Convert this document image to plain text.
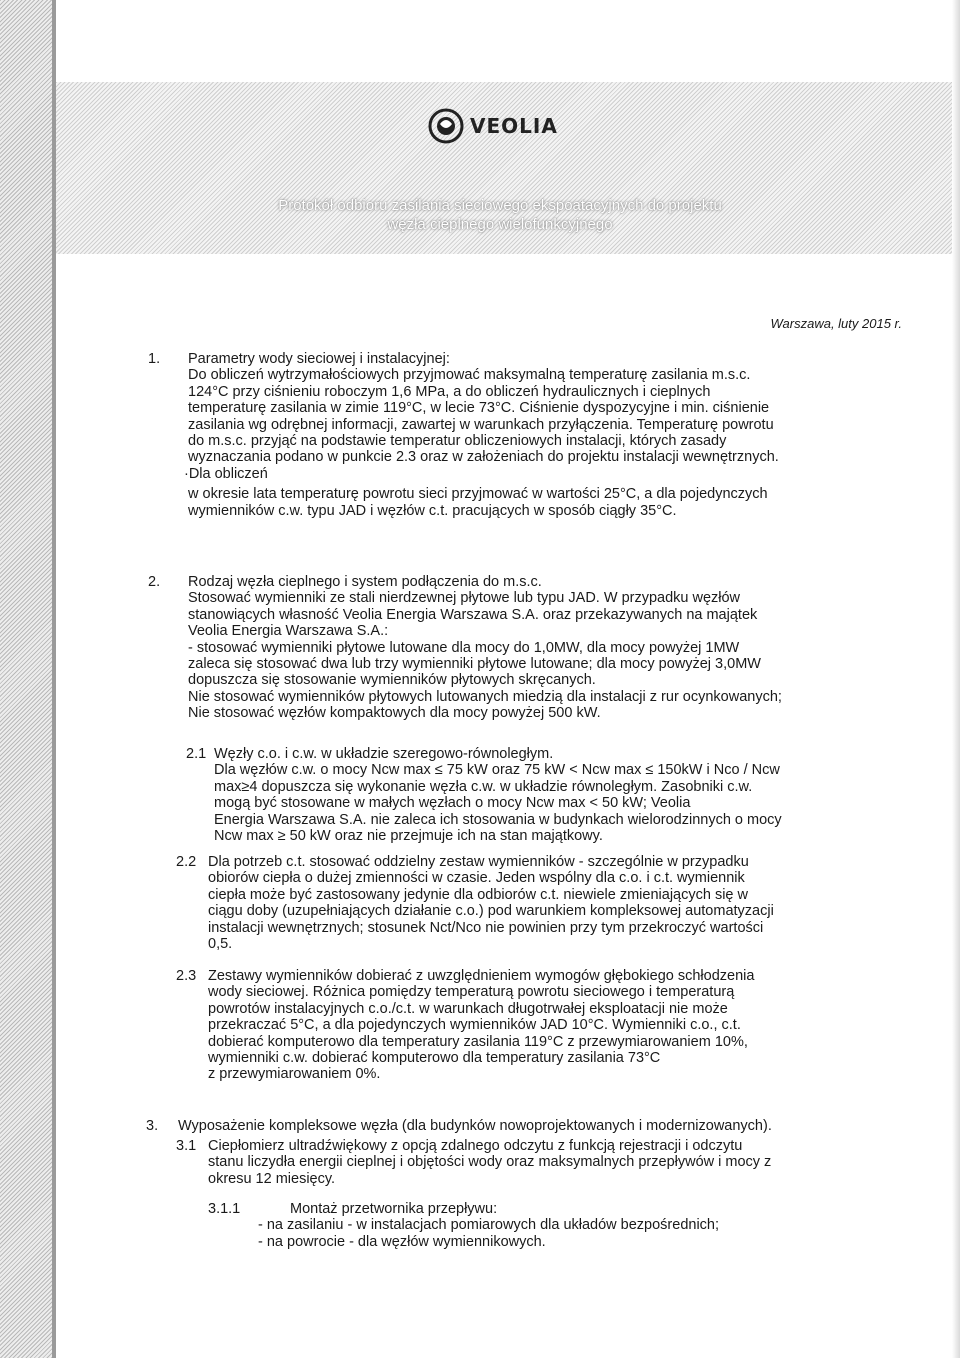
VEOLIA
Protokół odbioru zasilania sieciowego ekspoatacyjnych do projektu
węzła cieplnego wielofunkcyjnego
Warszawa, luty 2015 r.
1. Parametry wody sieciowej i instalacyjnej:
Do obliczeń wytrzymałościowych przyjmować maksymalną temperaturę zasilania m.s.c.
124°C przy ciśnieniu roboczym 1,6 MPa, a do obliczeń hydraulicznych i cieplnych
temperaturę zasilania w zimie 119°C, w lecie 73°C. Ciśnienie dyspozycyjne i min. ciśnienie
zasilania wg odrębnej informacji, zawartej w warunkach przyłączenia. Temperaturę powrotu
do m.s.c. przyjąć na podstawie temperatur obliczeniowych instalacji, których zasady
wyznaczania podano w punkcie 2.3 oraz w założeniach do projektu instalacji wewnętrznych.
·Dla obliczeń
w okresie lata temperaturę powrotu sieci przyjmować w wartości 25°C, a dla pojedynczych
wymienników c.w. typu JAD i węzłów c.t. pracujących w sposób ciągły 35°C.
2. Rodzaj węzła cieplnego i system podłączenia do m.s.c.
Stosować wymienniki ze stali nierdzewnej płytowe lub typu JAD. W przypadku węzłów
stanowiących własność Veolia Energia Warszawa S.A. oraz przekazywanych na majątek
Veolia Energia Warszawa S.A.:
- stosować wymienniki płytowe lutowane dla mocy do 1,0MW, dla mocy powyżej 1MW
zaleca się stosować dwa lub trzy wymienniki płytowe lutowane; dla mocy powyżej 3,0MW
dopuszcza się stosowanie wymienników płytowych skręcanych.
Nie stosować wymienników płytowych lutowanych miedzią dla instalacji z rur ocynkowanych;
Nie stosować węzłów kompaktowych dla mocy powyżej 500 kW.
2.1 Węzły c.o. i c.w. w układzie szeregowo-równoległym.
Dla węzłów c.w. o mocy Ncw max ≤ 75 kW oraz 75 kW < Ncw max ≤ 150kW i Nco / Ncw
max≥4 dopuszcza się wykonanie węzła c.w. w układzie równoległym. Zasobniki c.w.
mogą być stosowane w małych węzłach o mocy Ncw max < 50 kW; Veolia
Energia Warszawa S.A. nie zaleca ich stosowania w budynkach wielorodzinnych o mocy
Ncw max ≥ 50 kW oraz nie przejmuje ich na stan majątkowy.
2.2 Dla potrzeb c.t. stosować oddzielny zestaw wymienników - szczególnie w przypadku
obiorów ciepła o dużej zmienności w czasie. Jeden wspólny dla c.o. i c.t. wymiennik
ciepła może być zastosowany jedynie dla odbiorów c.t. niewiele zmieniających się w
ciągu doby (uzupełniających działanie c.o.) pod warunkiem kompleksowej automatyzacji
instalacji wewnętrznych; stosunek Nct/Nco nie powinien przy tym przekroczyć wartości
0,5.
2.3 Zestawy wymienników dobierać z uwzględnieniem wymogów głębokiego schłodzenia
wody sieciowej. Różnica pomiędzy temperaturą powrotu sieciowego i temperaturą
powrotów instalacyjnych c.o./c.t. w warunkach długotrwałej eksploatacji nie może
przekraczać 5°C, a dla pojedynczych wymienników JAD 10°C. Wymienniki c.o., c.t.
dobierać komputerowo dla temperatury zasilania 119°C z przewymiarowaniem 10%,
wymienniki c.w. dobierać komputerowo dla temperatury zasilania 73°C
z przewymiarowaniem 0%.
3. Wyposażenie kompleksowe węzła (dla budynków nowoprojektowanych i modernizowanych).
3.1 Ciepłomierz ultradźwiękowy z opcją zdalnego odczytu z funkcją rejestracji i odczytu
stanu liczydła energii cieplnej i objętości wody oraz maksymalnych przepływów i mocy z
okresu 12 miesięcy.
3.1.1	Montaż przetwornika przepływu:
- na zasilaniu - w instalacjach pomiarowych dla układów bezpośrednich;
- na powrocie - dla węzłów wymiennikowych.
